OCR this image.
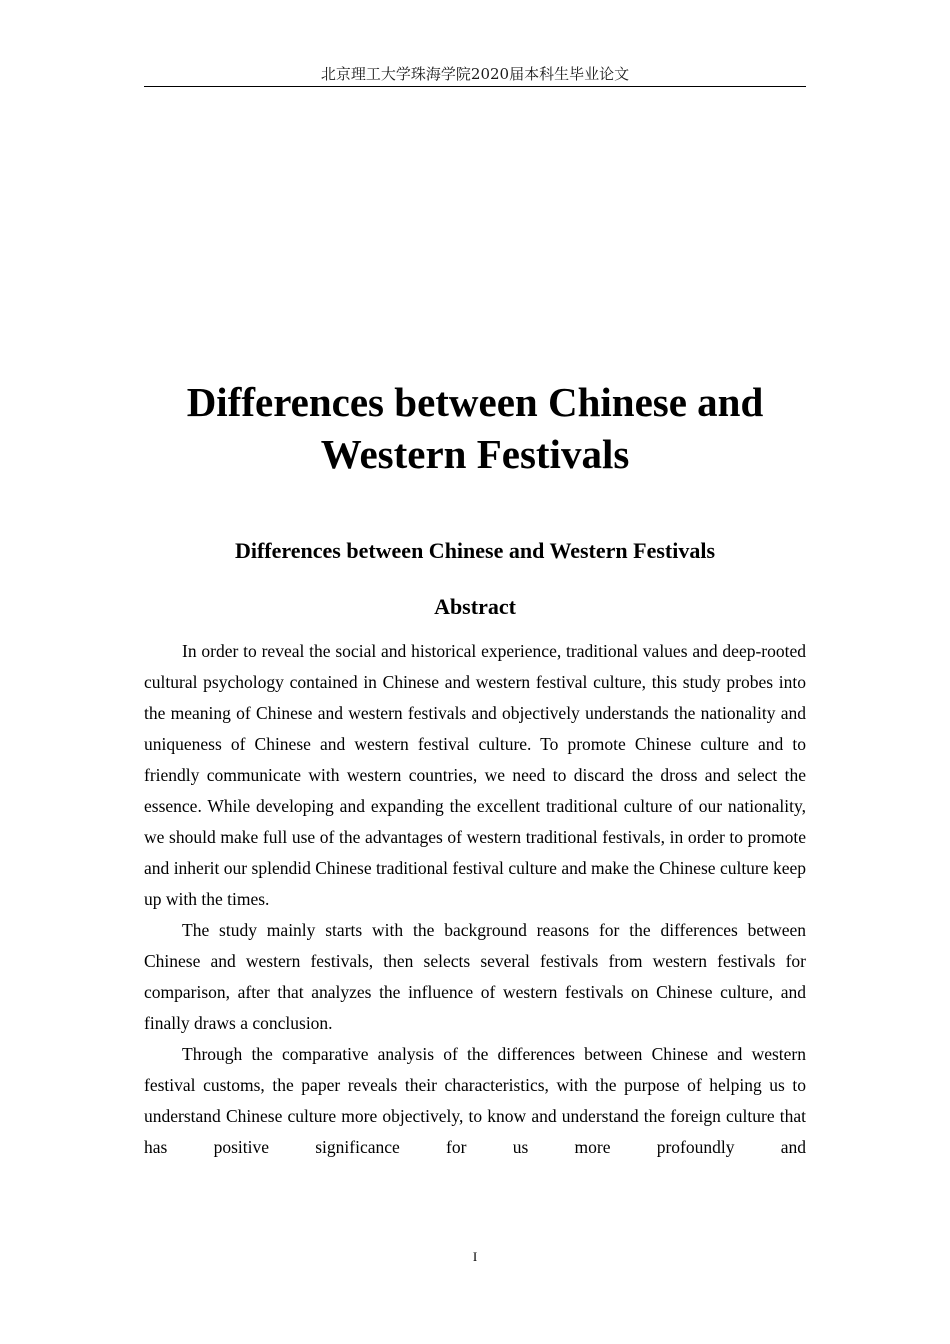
北京理工大学珠海学院2020届本科生毕业论文
Differences between Chinese and Western Festivals
Differences between Chinese and Western Festivals
Abstract

In order to reveal the social and historical experience, traditional values and deep-rooted cultural psychology contained in Chinese and western festival culture, this study probes into the meaning of Chinese and western festivals and objectively understands the nationality and uniqueness of Chinese and western festival culture. To promote Chinese culture and to friendly communicate with western countries, we need to discard the dross and select the essence. While developing and expanding the excellent traditional culture of our nationality, we should make full use of the advantages of western traditional festivals, in order to promote and inherit our splendid Chinese traditional festival culture and make the Chinese culture keep up with the times.

The study mainly starts with the background reasons for the differences between Chinese and western festivals, then selects several festivals from western festivals for comparison, after that analyzes the influence of western festivals on Chinese culture, and finally draws a conclusion.

Through the comparative analysis of the differences between Chinese and western festival customs, the paper reveals their characteristics, with the purpose of helping us to understand Chinese culture more objectively, to know and understand the foreign culture that has positive significance for us more profoundly and

I
